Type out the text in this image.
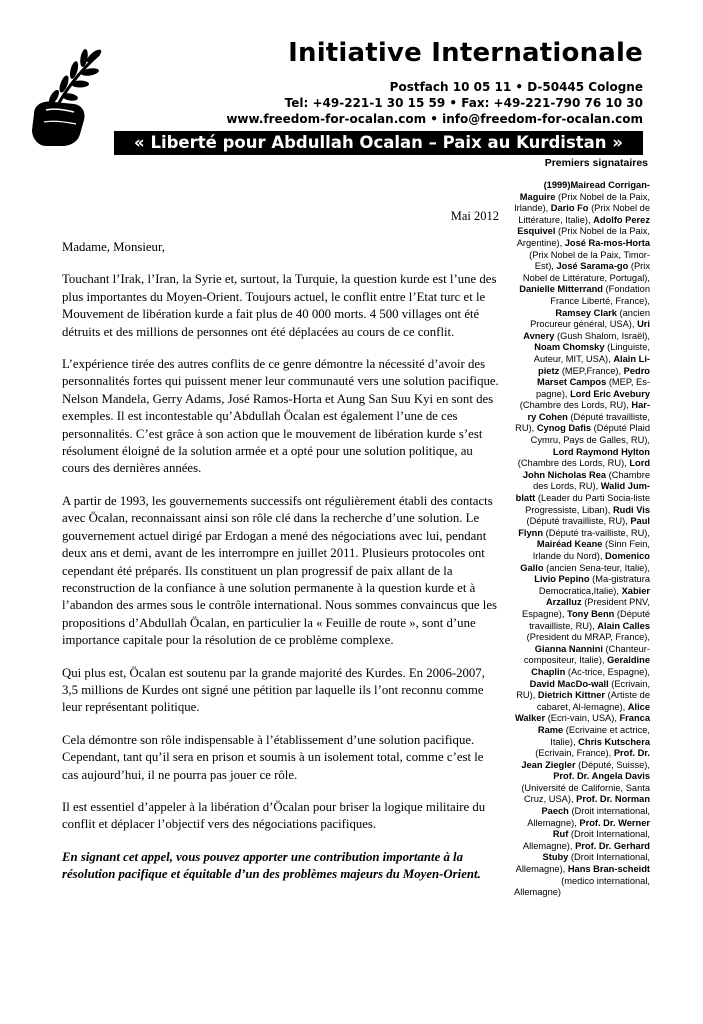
Initiative Internationale
Postfach 10 05 11 • D-50445 Cologne
Tel: +49-221-1 30 15 59 • Fax: +49-221-790 76 10 30
www.freedom-for-ocalan.com • info@freedom-for-ocalan.com
« Liberté pour Abdullah Ocalan – Paix au Kurdistan »
Premiers signataires
(1999)Mairead Corrigan-Maguire (Prix Nobel de la Paix, Irlande), Dario Fo (Prix Nobel de Littérature, Italie), Adolfo Perez Esquivel (Prix Nobel de la Paix, Argentine), José Ra-mos-Horta (Prix Nobel de la Paix, Timor-Est), José Sarama-go (Prix Nobel de Littérature, Portugal), Danielle Mitterrand (Fondation France Liberté, France), Ramsey Clark (ancien Procureur général, USA), Uri Avnery (Gush Shalom, Israël), Noam Chomsky (Linguiste, Auteur, MIT, USA), Alain Li-pietz (MEP,France), Pedro Marset Campos (MEP, Es-pagne), Lord Eric Avebury (Chambre des Lords, RU), Har-ry Cohen (Député travailliste, RU), Cynog Dafis (Député Plaid Cymru, Pays de Galles, RU), Lord Raymond Hylton (Chambre des Lords, RU), Lord John Nicholas Rea (Chambre des Lords, RU), Walid Jum-blatt (Leader du Parti Socia-liste Progressiste, Liban), Rudi Vis (Député travailliste, RU), Paul Flynn (Député tra-vailliste, RU), Mairéad Keane (Sinn Fein, Irlande du Nord), Domenico Gallo (ancien Sena-teur, Italie), Livio Pepino (Ma-gistratura Democratica,Italie), Xabier Arzalluz (President PNV, Espagne), Tony Benn (Député travailliste, RU), Alain Calles (President du MRAP, France), Gianna Nannini (Chanteur-compositeur, Italie), Geraldine Chaplin (Ac-trice, Espagne), David MacDo-wall (Ecrivain, RU), Dietrich Kittner (Artiste de cabaret, Al-lemagne), Alice Walker (Ecri-vain, USA), Franca Rame (Ecrivaine et actrice, Italie), Chris Kutschera (Ecrivain, France), Prof. Dr. Jean Ziegler (Député, Suisse), Prof. Dr. Angela Davis (Université de Californie, Santa Cruz, USA), Prof. Dr. Norman Paech (Droit international, Allemagne), Prof. Dr. Werner Ruf (Droit International, Allemagne), Prof. Dr. Gerhard Stuby (Droit International, Allemagne), Hans Bran-scheidt (medico international,
Allemagne)
Mai 2012

Madame, Monsieur,

Touchant l’Irak, l’Iran, la Syrie et, surtout, la Turquie, la question kurde est l’une des plus importantes du Moyen-Orient. Toujours actuel, le conflit entre l’Etat turc et le Mouvement de libération kurde a fait plus de 40 000 morts. 4 500 villages ont été détruits et des millions de personnes ont été déplacées au cours de ce conflit.

L’expérience tirée des autres conflits de ce genre démontre la nécessité d’avoir des personnalités fortes qui puissent mener leur communauté vers une solution pacifique. Nelson Mandela, Gerry Adams, José Ramos-Horta et Aung San Suu Kyi en sont des exemples. Il est incontestable qu’Abdullah Öcalan est également l’une de ces personnalités. C’est grâce à son action que le mouvement de libération kurde s’est résolument éloigné de la solution armée et a opté pour une solution politique, au cours des dernières années.

A partir de 1993, les gouvernements successifs ont régulièrement établi des contacts avec Öcalan, reconnaissant ainsi son rôle clé dans la recherche d’une solution. Le gouvernement actuel dirigé par Erdogan a mené des négociations avec lui, pendant deux ans et demi, avant de les interrompre en juillet 2011. Plusieurs protocoles ont cependant été préparés. Ils constituent un plan progressif de paix allant de la reconstruction de la confiance à une solution permanente à la question kurde et à l’abandon des armes sous le contrôle international. Nous sommes convaincus que les propositions d’Abdullah Öcalan, en particulier la « Feuille de route », sont d’une importance capitale pour la résolution de ce problème complexe.

Qui plus est, Öcalan est soutenu par la grande majorité des Kurdes. En 2006-2007, 3,5 millions de Kurdes ont signé une pétition par laquelle ils l’ont reconnu comme leur représentant politique.

Cela démontre son rôle indispensable à l’établissement d’une solution pacifique. Cependant, tant qu’il sera en prison et soumis à un isolement total, comme c’est le cas aujourd’hui, il ne pourra pas jouer ce rôle.

Il est essentiel d’appeler à la libération d’Öcalan pour briser la logique militaire du conflit et déplacer l’objectif vers des négociations pacifiques.

En signant cet appel, vous pouvez apporter une contribution importante à la résolution pacifique et équitable d’un des problèmes majeurs du Moyen-Orient.
